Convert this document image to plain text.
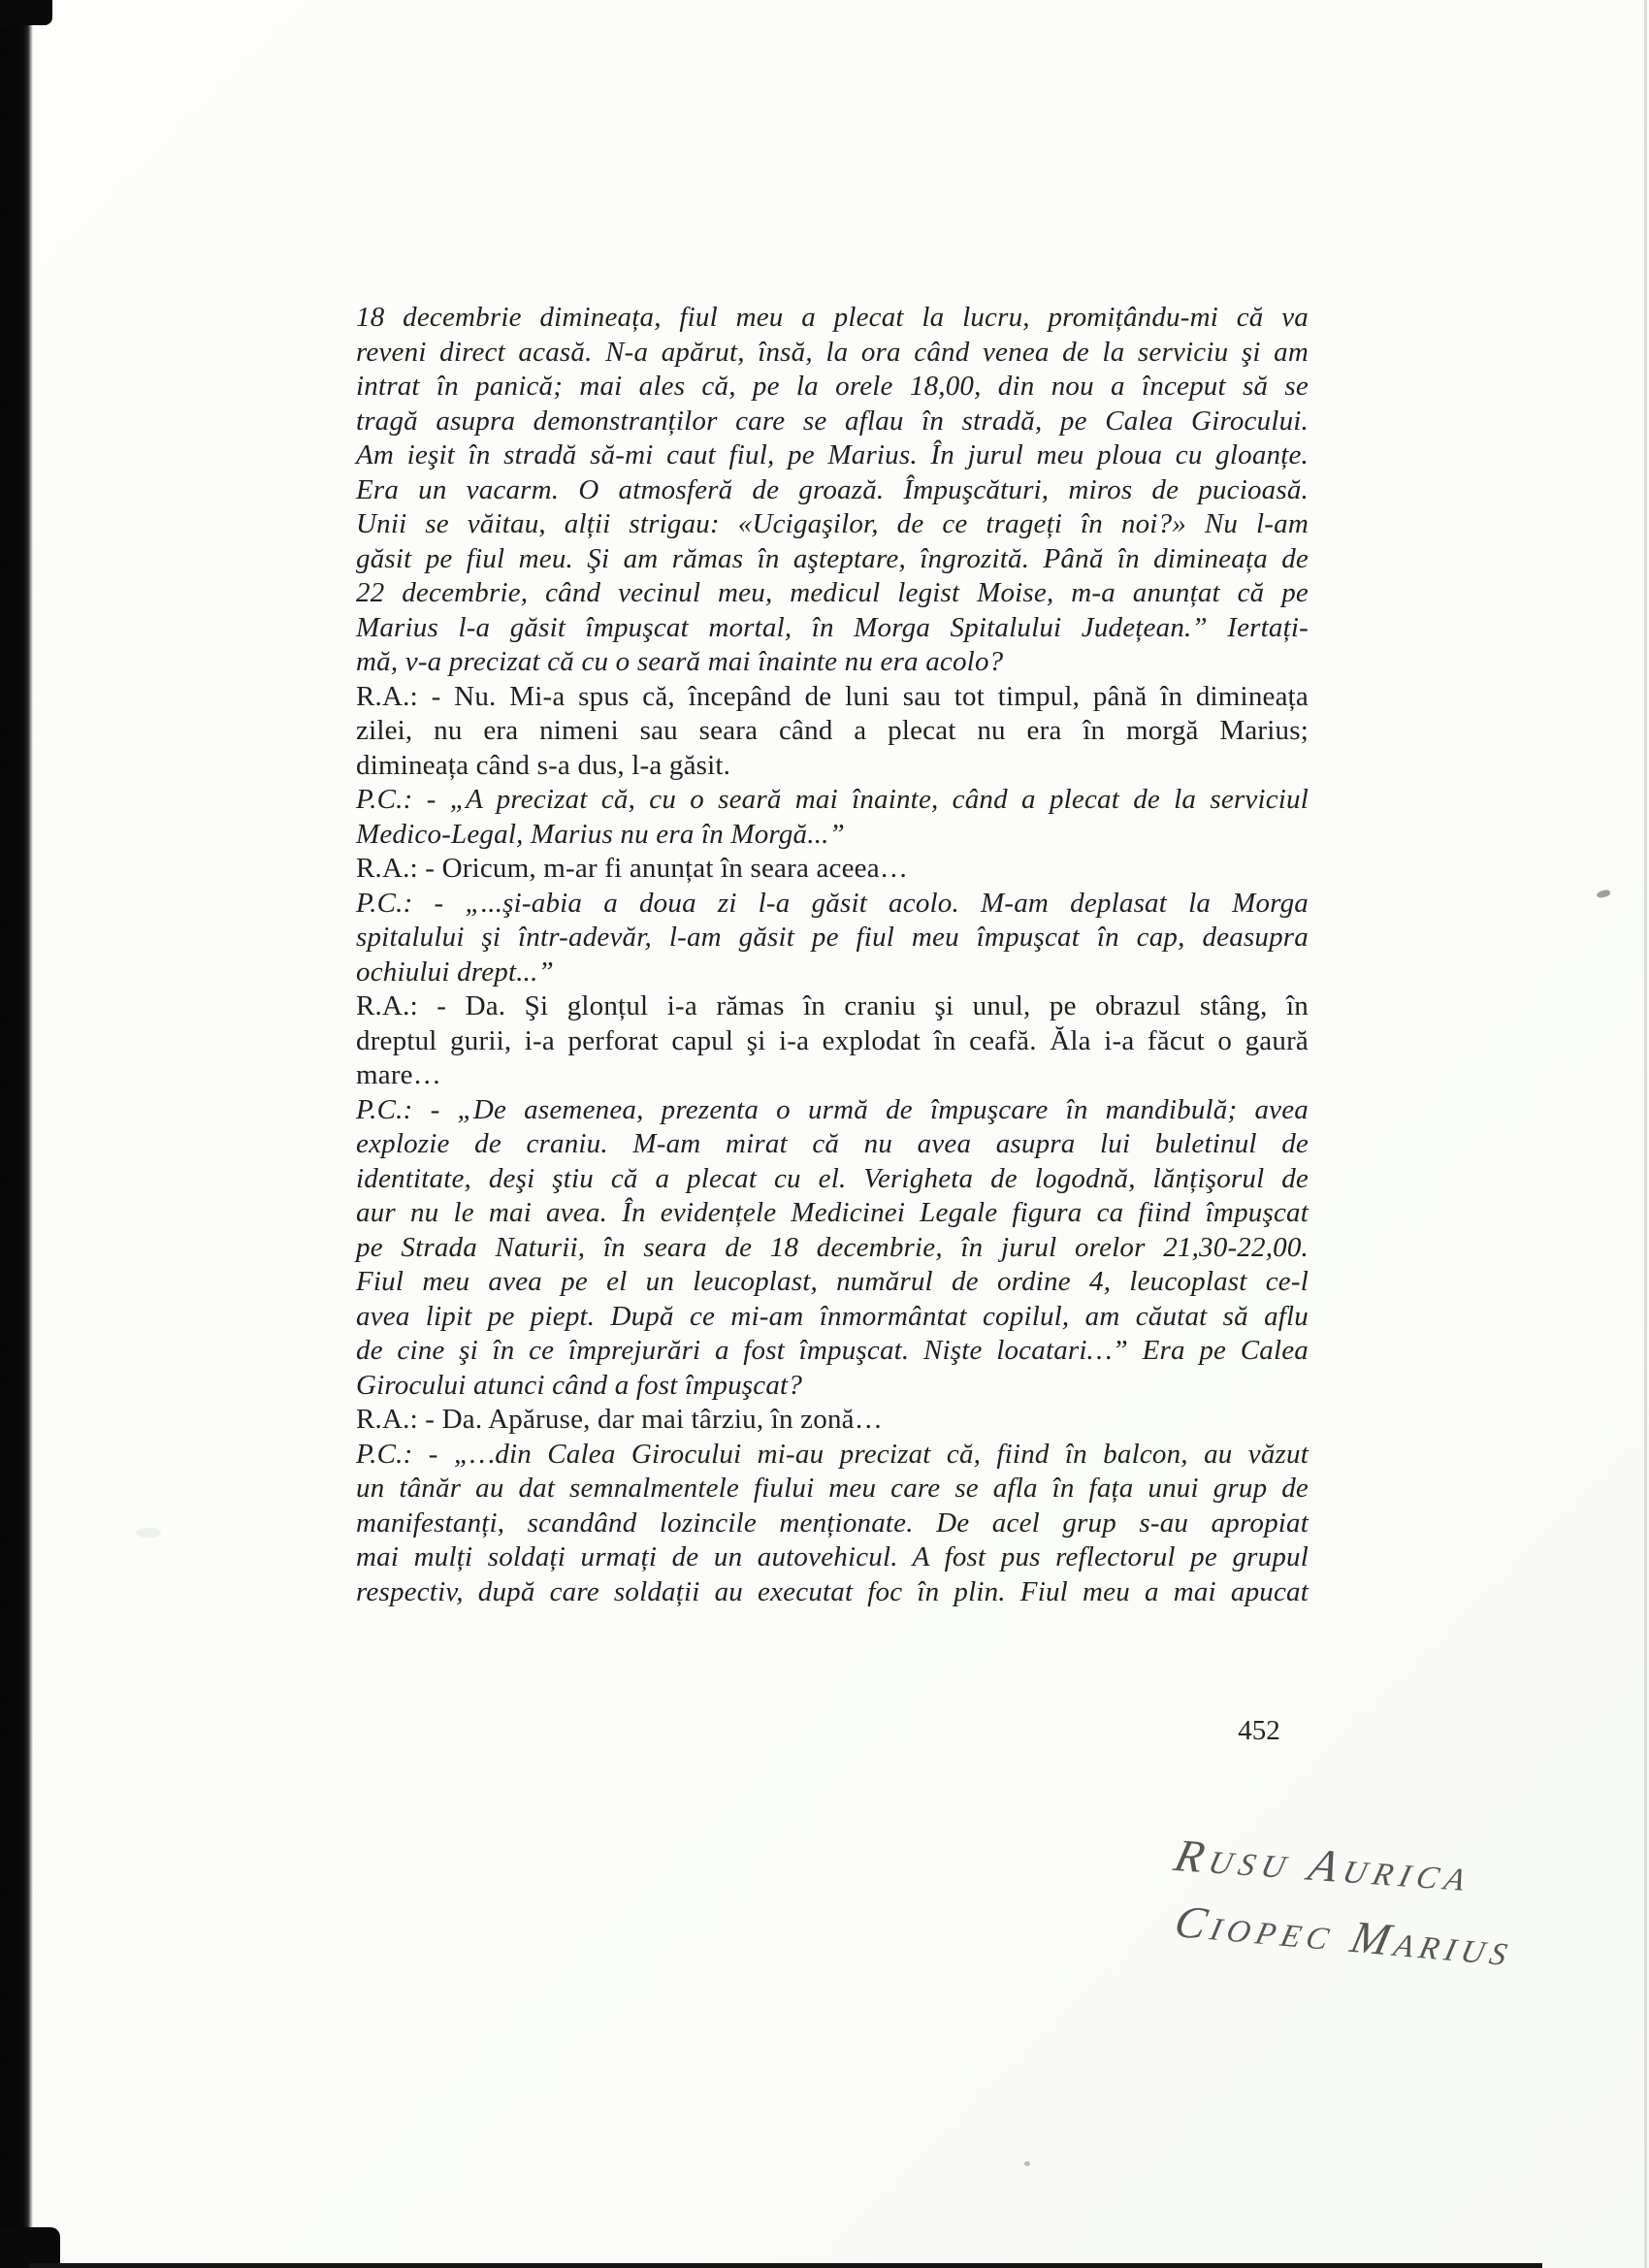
18 decembrie dimineața, fiul meu a plecat la lucru, promițându-mi că va
reveni direct acasă. N-a apărut, însă, la ora când venea de la serviciu şi am
intrat în panică; mai ales că, pe la orele 18,00, din nou a început să se
tragă asupra demonstranților care se aflau în stradă, pe Calea Girocului.
Am ieşit în stradă să-mi caut fiul, pe Marius. În jurul meu ploua cu gloanțe.
Era un vacarm. O atmosferă de groază. Împuşcături, miros de pucioasă.
Unii se văitau, alții strigau: «Ucigaşilor, de ce trageți în noi?» Nu l-am
găsit pe fiul meu. Şi am rămas în aşteptare, îngrozită. Până în dimineața de
22 decembrie, când vecinul meu, medicul legist Moise, m-a anunțat că pe
Marius l-a găsit împuşcat mortal, în Morga Spitalului Județean.” Iertați-
mă, v-a precizat că cu o seară mai înainte nu era acolo?
R.A.: - Nu. Mi-a spus că, începând de luni sau tot timpul, până în dimineața
zilei, nu era nimeni sau seara când a plecat nu era în morgă Marius;
dimineața când s-a dus, l-a găsit.
P.C.: - „A precizat că, cu o seară mai înainte, când a plecat de la serviciul
Medico-Legal, Marius nu era în Morgă...”
R.A.: - Oricum, m-ar fi anunțat în seara aceea…
P.C.: - „...şi-abia a doua zi l-a găsit acolo. M-am deplasat la Morga
spitalului şi într-adevăr, l-am găsit pe fiul meu împuşcat în cap, deasupra
ochiului drept...”
R.A.: - Da. Şi glonțul i-a rămas în craniu şi unul, pe obrazul stâng, în
dreptul gurii, i-a perforat capul şi i-a explodat în ceafă. Ăla i-a făcut o gaură
mare…
P.C.: - „De asemenea, prezenta o urmă de împuşcare în mandibulă; avea
explozie de craniu. M-am mirat că nu avea asupra lui buletinul de
identitate, deşi ştiu că a plecat cu el. Verigheta de logodnă, lănțişorul de
aur nu le mai avea. În evidențele Medicinei Legale figura ca fiind împuşcat
pe Strada Naturii, în seara de 18 decembrie, în jurul orelor 21,30-22,00.
Fiul meu avea pe el un leucoplast, numărul de ordine 4, leucoplast ce-l
avea lipit pe piept. După ce mi-am înmormântat copilul, am căutat să aflu
de cine şi în ce împrejurări a fost împuşcat. Nişte locatari…” Era pe Calea
Girocului atunci când a fost împuşcat?
R.A.: - Da. Apăruse, dar mai târziu, în zonă…
P.C.: - „…din Calea Girocului mi-au precizat că, fiind în balcon, au văzut
un tânăr au dat semnalmentele fiului meu care se afla în fața unui grup de
manifestanți, scandând lozincile menționate. De acel grup s-au apropiat
mai mulți soldați urmați de un autovehicul. A fost pus reflectorul pe grupul
respectiv, după care soldații au executat foc în plin. Fiul meu a mai apucat
452
Rusu Aurica
Ciopec Marius
